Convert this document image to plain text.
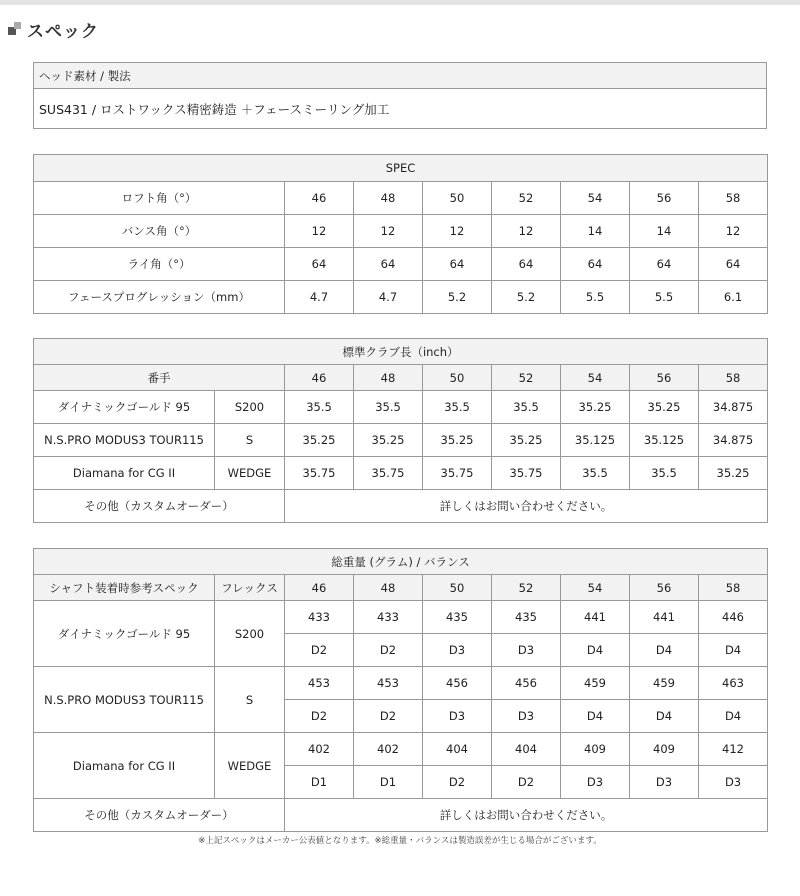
スペック
ヘッド素材 / 製法
SUS431 / ロストワックス精密鋳造 ＋フェースミーリング加工
SPEC							
ロフト角（°）	46	48	50	52	54	56	58
バンス角（°）	12	12	12	12	14	14	12
ライ角（°）	64	64	64	64	64	64	64
フェースプログレッション（mm）	4.7	4.7	5.2	5.2	5.5	5.5	6.1
標準クラブ長（inch）								
番手		46	48	50	52	54	56	58
ダイナミックゴールド 95	S200	35.5	35.5	35.5	35.5	35.25	35.25	34.875
N.S.PRO MODUS3 TOUR115	S	35.25	35.25	35.25	35.25	35.125	35.125	34.875
Diamana for CG II	WEDGE	35.75	35.75	35.75	35.75	35.5	35.5	35.25
その他（カスタムオーダー）		詳しくはお問い合わせください。						
総重量 (グラム) / バランス								
シャフト装着時参考スペック	フレックス	46	48	50	52	54	56	58
ダイナミックゴールド 95	S200	433	433	435	435	441	441	446
		D2	D2	D3	D3	D4	D4	D4
N.S.PRO MODUS3 TOUR115	S	453	453	456	456	459	459	463
		D2	D2	D3	D3	D4	D4	D4
Diamana for CG II	WEDGE	402	402	404	404	409	409	412
		D1	D1	D2	D2	D3	D3	D3
その他（カスタムオーダー）		詳しくはお問い合わせください。						
※上記スペックはメーカー公表値となります。※総重量・バランスは製造誤差が生じる場合がございます。
